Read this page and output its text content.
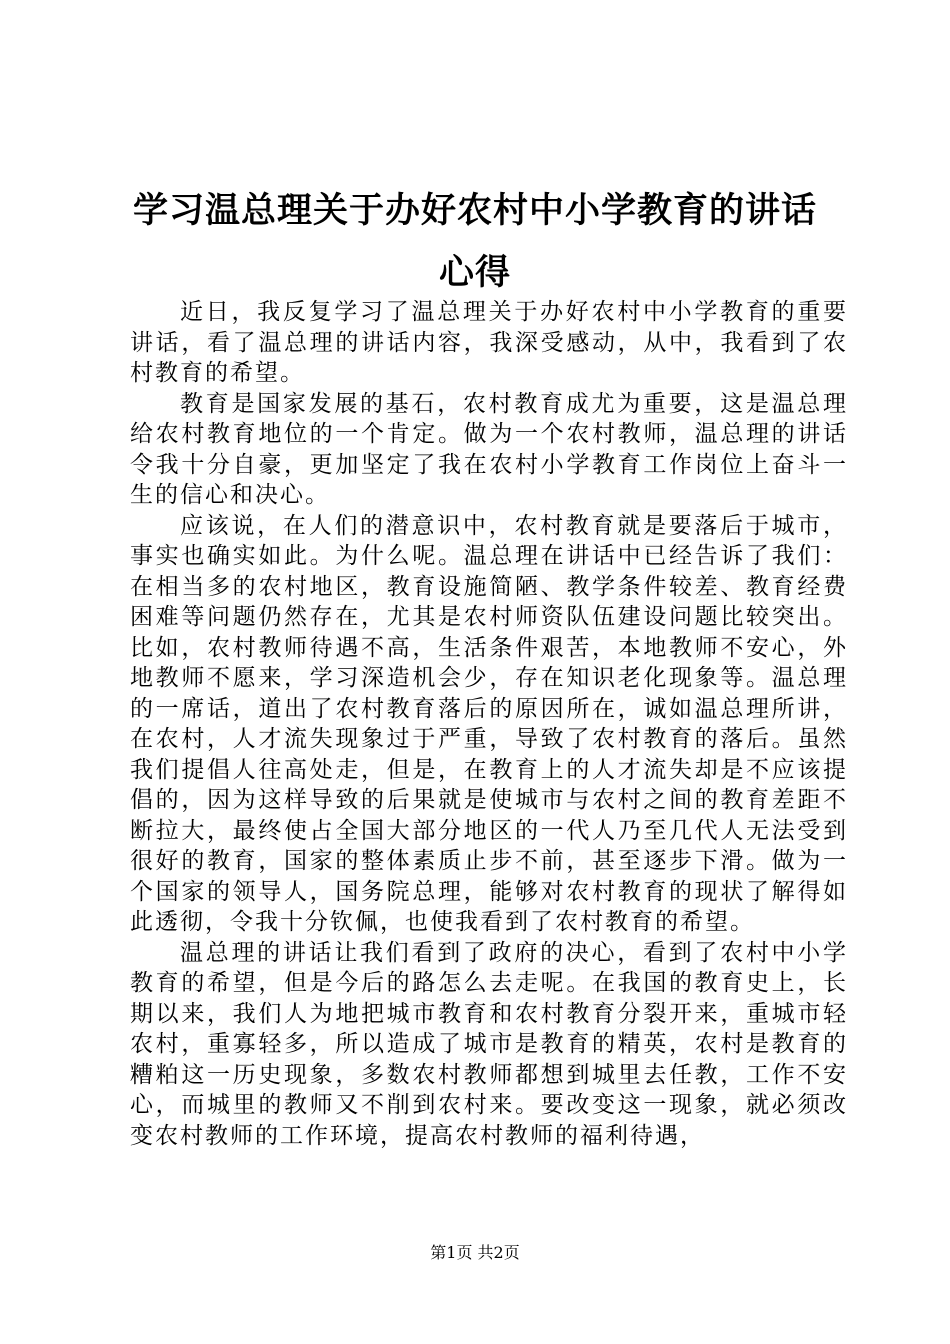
学习温总理关于办好农村中小学教育的讲话心得

近日，我反复学习了温总理关于办好农村中小学教育的重要讲话，看了温总理的讲话内容，我深受感动，从中，我看到了农村教育的希望。

教育是国家发展的基石，农村教育成尤为重要，这是温总理给农村教育地位的一个肯定。做为一个农村教师，温总理的讲话令我十分自豪，更加坚定了我在农村小学教育工作岗位上奋斗一生的信心和决心。

应该说，在人们的潜意识中，农村教育就是要落后于城市，事实也确实如此。为什么呢。温总理在讲话中已经告诉了我们：在相当多的农村地区，教育设施简陋、教学条件较差、教育经费困难等问题仍然存在，尤其是农村师资队伍建设问题比较突出。比如，农村教师待遇不高，生活条件艰苦，本地教师不安心，外地教师不愿来，学习深造机会少，存在知识老化现象等。温总理的一席话，道出了农村教育落后的原因所在，诚如温总理所讲，在农村，人才流失现象过于严重，导致了农村教育的落后。虽然我们提倡人往高处走，但是，在教育上的人才流失却是不应该提倡的，因为这样导致的后果就是使城市与农村之间的教育差距不断拉大，最终使占全国大部分地区的一代人乃至几代人无法受到很好的教育，国家的整体素质止步不前，甚至逐步下滑。做为一个国家的领导人，国务院总理，能够对农村教育的现状了解得如此透彻，令我十分钦佩，也使我看到了农村教育的希望。

温总理的讲话让我们看到了政府的决心，看到了农村中小学教育的希望，但是今后的路怎么去走呢。在我国的教育史上，长期以来，我们人为地把城市教育和农村教育分裂开来，重城市轻农村，重寡轻多，所以造成了城市是教育的精英，农村是教育的糟粕这一历史现象，多数农村教师都想到城里去任教，工作不安心，而城里的教师又不削到农村来。要改变这一现象，就必须改变农村教师的工作环境，提高农村教师的福利待遇，

第1页 共2页
